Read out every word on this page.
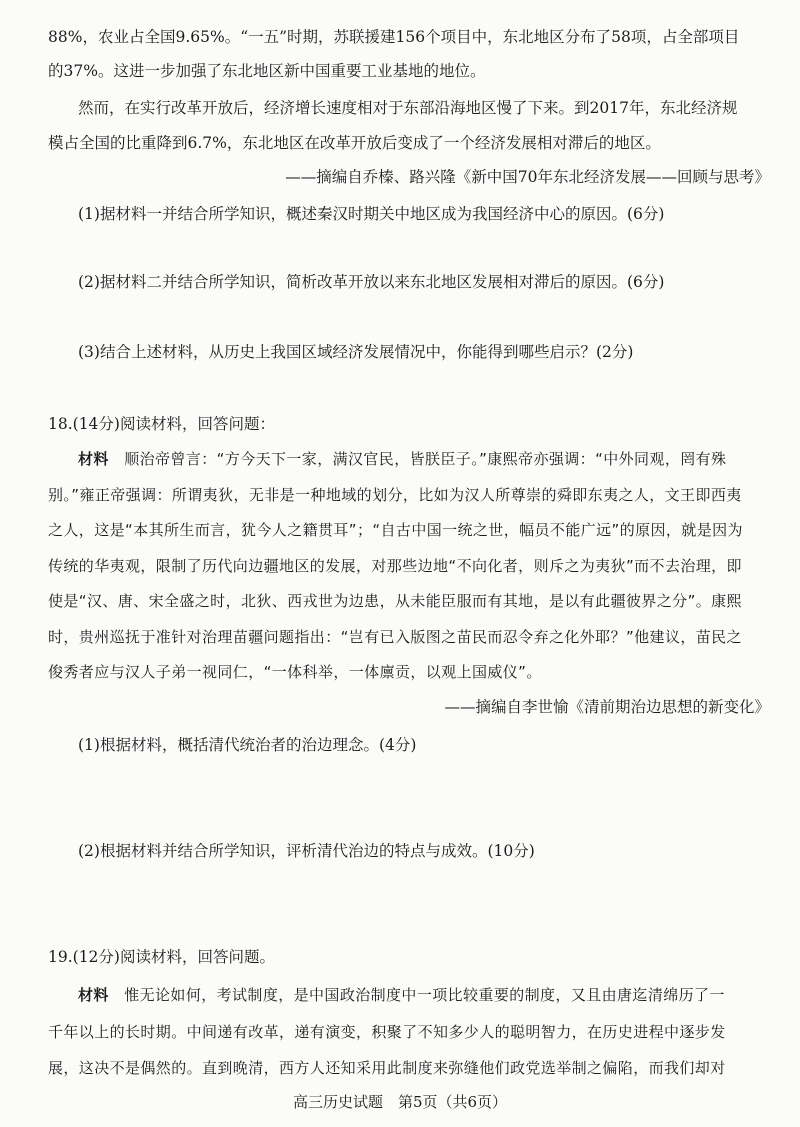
88%，农业占全国9.65%。“一五”时期，苏联援建156个项目中，东北地区分布了58项，占全部项目
的37%。这进一步加强了东北地区新中国重要工业基地的地位。
然而，在实行改革开放后，经济增长速度相对于东部沿海地区慢了下来。到2017年，东北经济规
模占全国的比重降到6.7%，东北地区在改革开放后变成了一个经济发展相对滞后的地区。
——摘编自乔榛、路兴隆《新中国70年东北经济发展——回顾与思考》
(1)据材料一并结合所学知识，概述秦汉时期关中地区成为我国经济中心的原因。(6分)
(2)据材料二并结合所学知识，简析改革开放以来东北地区发展相对滞后的原因。(6分)
(3)结合上述材料，从历史上我国区域经济发展情况中，你能得到哪些启示？(2分)
18.(14分)阅读材料，回答问题：
材料　 顺治帝曾言：“方今天下一家，满汉官民，皆朕臣子。”康熙帝亦强调：“中外同观，罔有殊
别。”雍正帝强调：所谓夷狄，无非是一种地域的划分，比如为汉人所尊崇的舜即东夷之人，文王即西夷
之人，这是“本其所生而言，犹今人之籍贯耳”；“自古中国一统之世，幅员不能广远”的原因，就是因为
传统的华夷观，限制了历代向边疆地区的发展，对那些边地“不向化者，则斥之为夷狄”而不去治理，即
使是“汉、唐、宋全盛之时，北狄、西戎世为边患，从未能臣服而有其地，是以有此疆彼界之分”。康熙
时，贵州巡抚于准针对治理苗疆问题指出：“岂有已入版图之苗民而忍令弃之化外耶？”他建议，苗民之
俊秀者应与汉人子弟一视同仁，“一体科举，一体廪贡，以观上国威仪”。
——摘编自李世愉《清前期治边思想的新变化》
(1)根据材料，概括清代统治者的治边理念。(4分)
(2)根据材料并结合所学知识，评析清代治边的特点与成效。(10分)
19.(12分)阅读材料，回答问题。
材料　 惟无论如何，考试制度，是中国政治制度中一项比较重要的制度，又且由唐迄清绵历了一
千年以上的长时期。中间递有改革，递有演变，积聚了不知多少人的聪明智力，在历史进程中逐步发
展，这决不是偶然的。直到晚清，西方人还知采用此制度来弥缝他们政党选举制之偏陷，而我们却对
高三历史试题　第5页（共6页）
